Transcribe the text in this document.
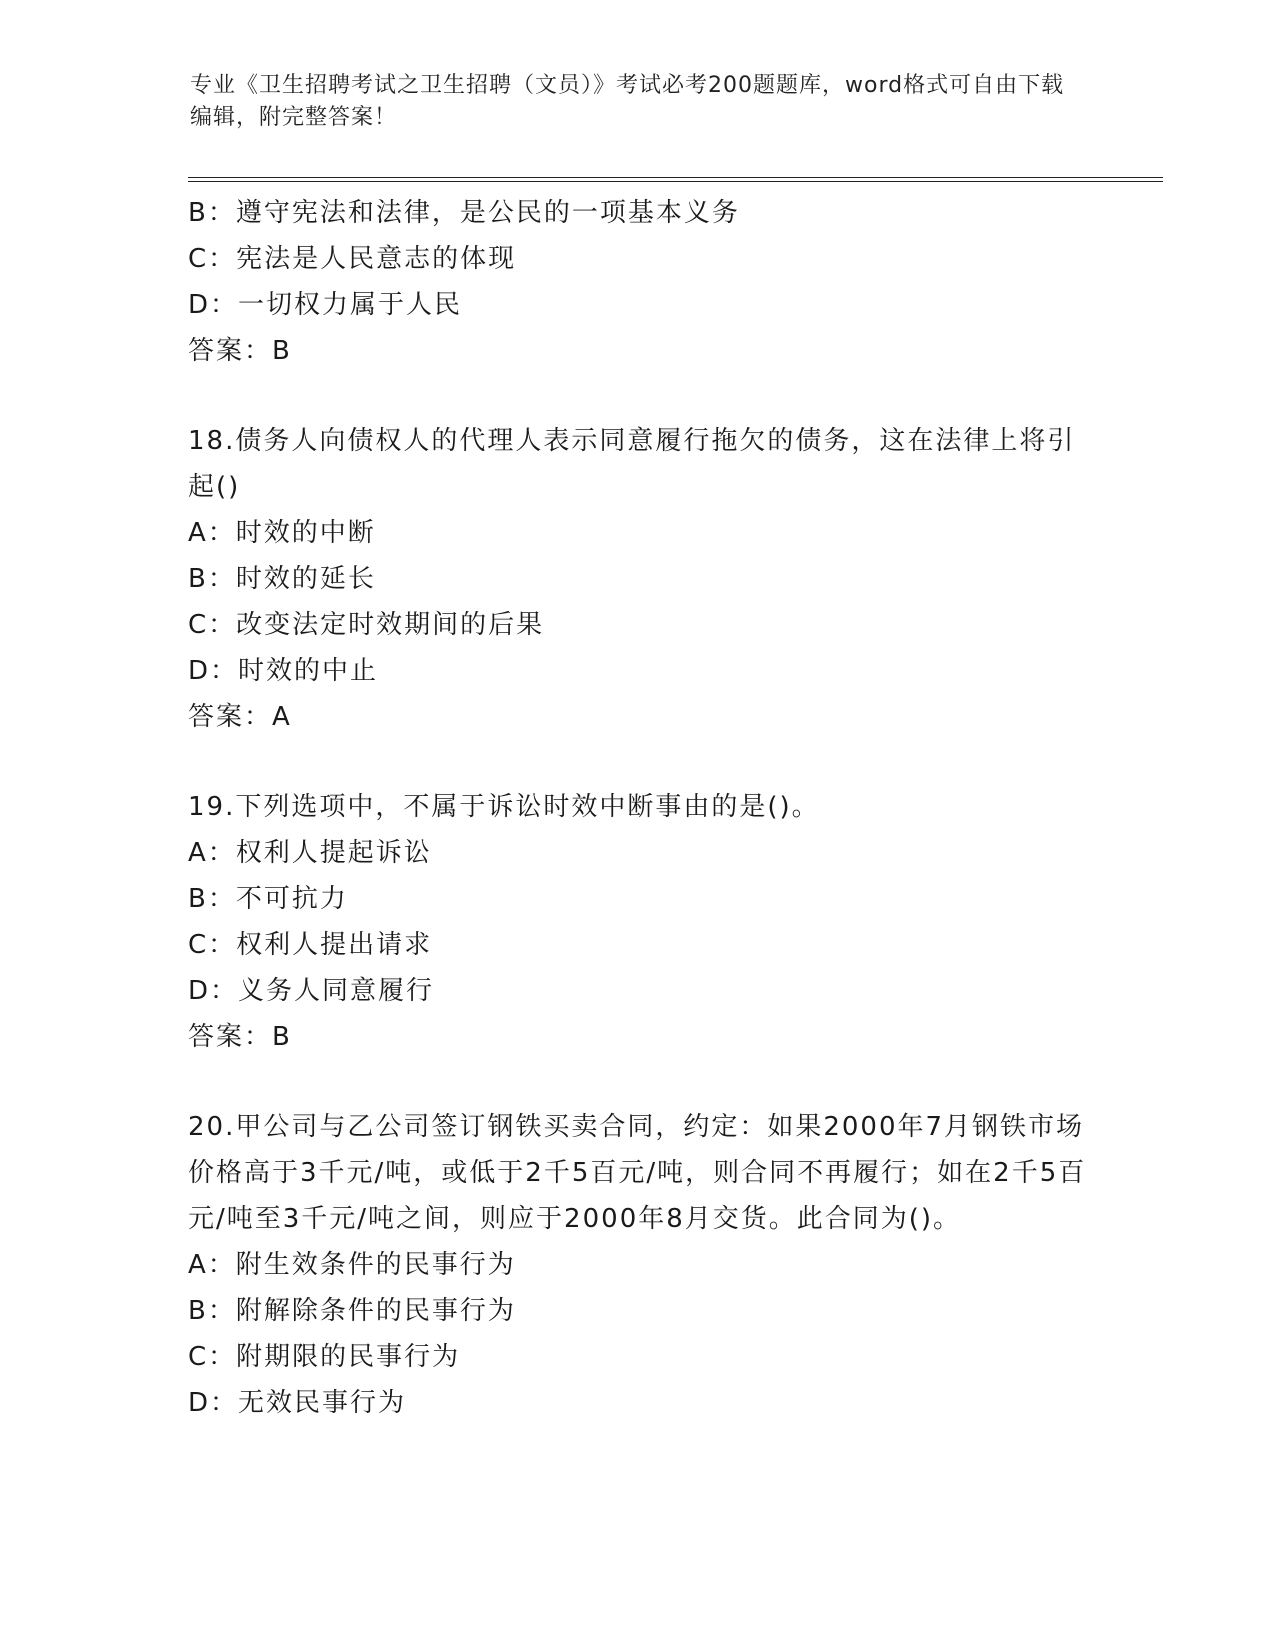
专业《卫生招聘考试之卫生招聘（文员）》考试必考200题题库，word格式可自由下载编辑，附完整答案！
B：遵守宪法和法律，是公民的一项基本义务
C：宪法是人民意志的体现
D：一切权力属于人民
答案：B
18.债务人向债权人的代理人表示同意履行拖欠的债务，这在法律上将引起()
A：时效的中断
B：时效的延长
C：改变法定时效期间的后果
D：时效的中止
答案：A
19.下列选项中，不属于诉讼时效中断事由的是()。
A：权利人提起诉讼
B：不可抗力
C：权利人提出请求
D：义务人同意履行
答案：B
20.甲公司与乙公司签订钢铁买卖合同，约定：如果2000年7月钢铁市场价格高于3千元/吨，或低于2千5百元/吨，则合同不再履行；如在2千5百元/吨至3千元/吨之间，则应于2000年8月交货。此合同为()。
A：附生效条件的民事行为
B：附解除条件的民事行为
C：附期限的民事行为
D：无效民事行为
